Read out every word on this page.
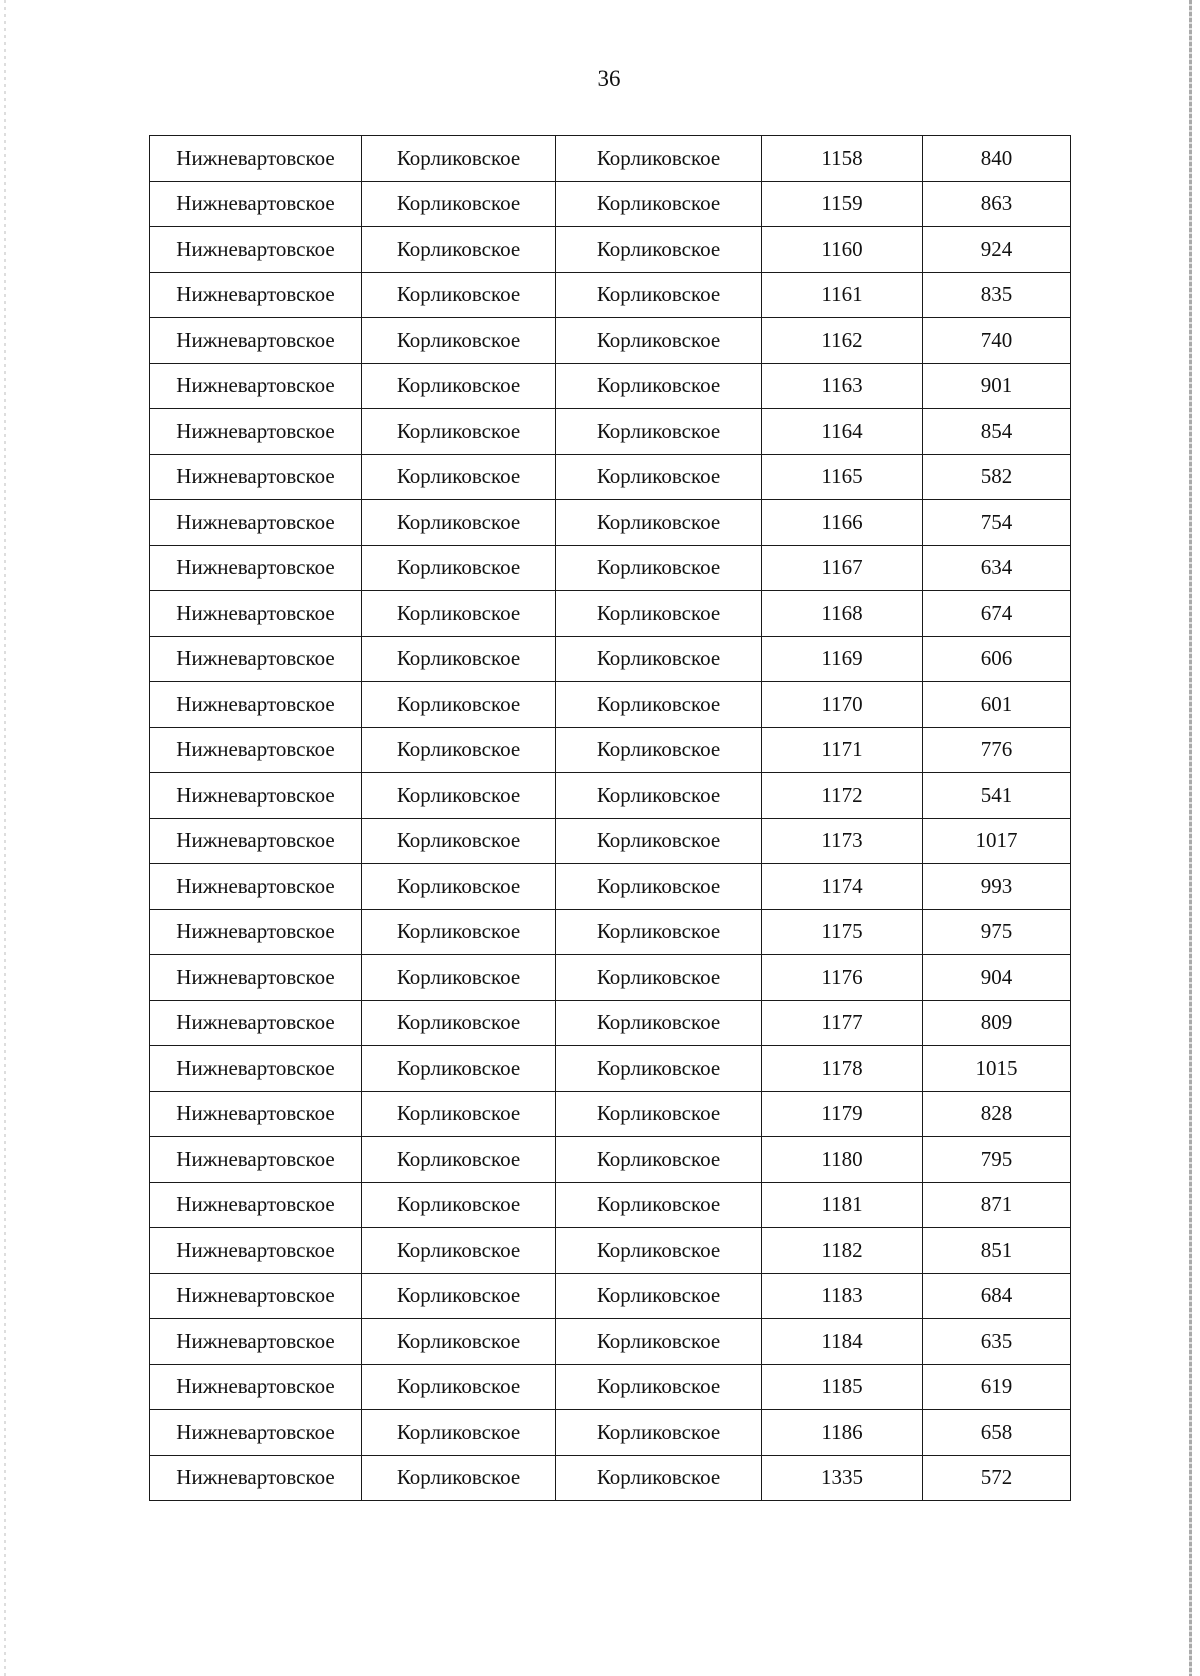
36
Нижневартовское	Корликовское	Корликовское	1158	840
Нижневартовское	Корликовское	Корликовское	1159	863
Нижневартовское	Корликовское	Корликовское	1160	924
Нижневартовское	Корликовское	Корликовское	1161	835
Нижневартовское	Корликовское	Корликовское	1162	740
Нижневартовское	Корликовское	Корликовское	1163	901
Нижневартовское	Корликовское	Корликовское	1164	854
Нижневартовское	Корликовское	Корликовское	1165	582
Нижневартовское	Корликовское	Корликовское	1166	754
Нижневартовское	Корликовское	Корликовское	1167	634
Нижневартовское	Корликовское	Корликовское	1168	674
Нижневартовское	Корликовское	Корликовское	1169	606
Нижневартовское	Корликовское	Корликовское	1170	601
Нижневартовское	Корликовское	Корликовское	1171	776
Нижневартовское	Корликовское	Корликовское	1172	541
Нижневартовское	Корликовское	Корликовское	1173	1017
Нижневартовское	Корликовское	Корликовское	1174	993
Нижневартовское	Корликовское	Корликовское	1175	975
Нижневартовское	Корликовское	Корликовское	1176	904
Нижневартовское	Корликовское	Корликовское	1177	809
Нижневартовское	Корликовское	Корликовское	1178	1015
Нижневартовское	Корликовское	Корликовское	1179	828
Нижневартовское	Корликовское	Корликовское	1180	795
Нижневартовское	Корликовское	Корликовское	1181	871
Нижневартовское	Корликовское	Корликовское	1182	851
Нижневартовское	Корликовское	Корликовское	1183	684
Нижневартовское	Корликовское	Корликовское	1184	635
Нижневартовское	Корликовское	Корликовское	1185	619
Нижневартовское	Корликовское	Корликовское	1186	658
Нижневартовское	Корликовское	Корликовское	1335	572
